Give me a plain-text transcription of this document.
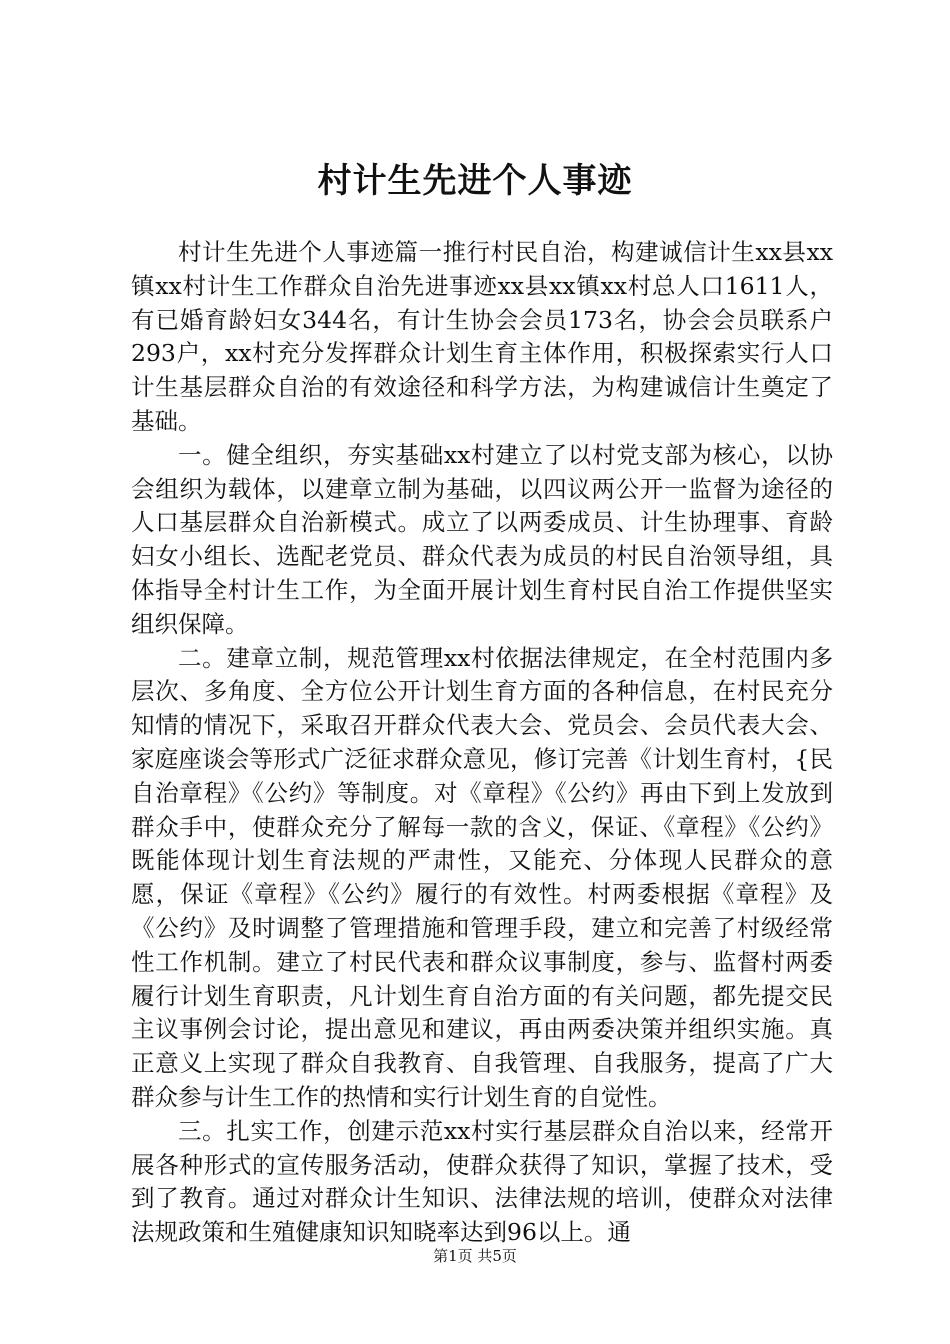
村计生先进个人事迹

村计生先进个人事迹篇一推行村民自治，构建诚信计生xx县xx镇xx村计生工作群众自治先进事迹xx县xx镇xx村总人口1611人，有已婚育龄妇女344名，有计生协会会员173名，协会会员联系户293户，xx村充分发挥群众计划生育主体作用，积极探索实行人口计生基层群众自治的有效途径和科学方法，为构建诚信计生奠定了基础。

一。健全组织，夯实基础xx村建立了以村党支部为核心，以协会组织为载体，以建章立制为基础，以四议两公开一监督为途径的人口基层群众自治新模式。成立了以两委成员、计生协理事、育龄妇女小组长、选配老党员、群众代表为成员的村民自治领导组，具体指导全村计生工作，为全面开展计划生育村民自治工作提供坚实组织保障。

二。建章立制，规范管理xx村依据法律规定，在全村范围内多层次、多角度、全方位公开计划生育方面的各种信息，在村民充分知情的情况下，采取召开群众代表大会、党员会、会员代表大会、家庭座谈会等形式广泛征求群众意见，修订完善《计划生育村，{民自治章程》《公约》等制度。对《章程》《公约》再由下到上发放到群众手中，使群众充分了解每一款的含义，保证、《章程》《公约》既能体现计划生育法规的严肃性，又能充、分体现人民群众的意愿，保证《章程》《公约》履行的有效性。村两委根据《章程》及《公约》及时调整了管理措施和管理手段，建立和完善了村级经常性工作机制。建立了村民代表和群众议事制度，参与、监督村两委履行计划生育职责，凡计划生育自治方面的有关问题，都先提交民主议事例会讨论，提出意见和建议，再由两委决策并组织实施。真正意义上实现了群众自我教育、自我管理、自我服务，提高了广大群众参与计生工作的热情和实行计划生育的自觉性。

三。扎实工作，创建示范xx村实行基层群众自治以来，经常开展各种形式的宣传服务活动，使群众获得了知识，掌握了技术，受到了教育。通过对群众计生知识、法律法规的培训，使群众对法律法规政策和生殖健康知识知晓率达到96以上。通

第1页 共5页
